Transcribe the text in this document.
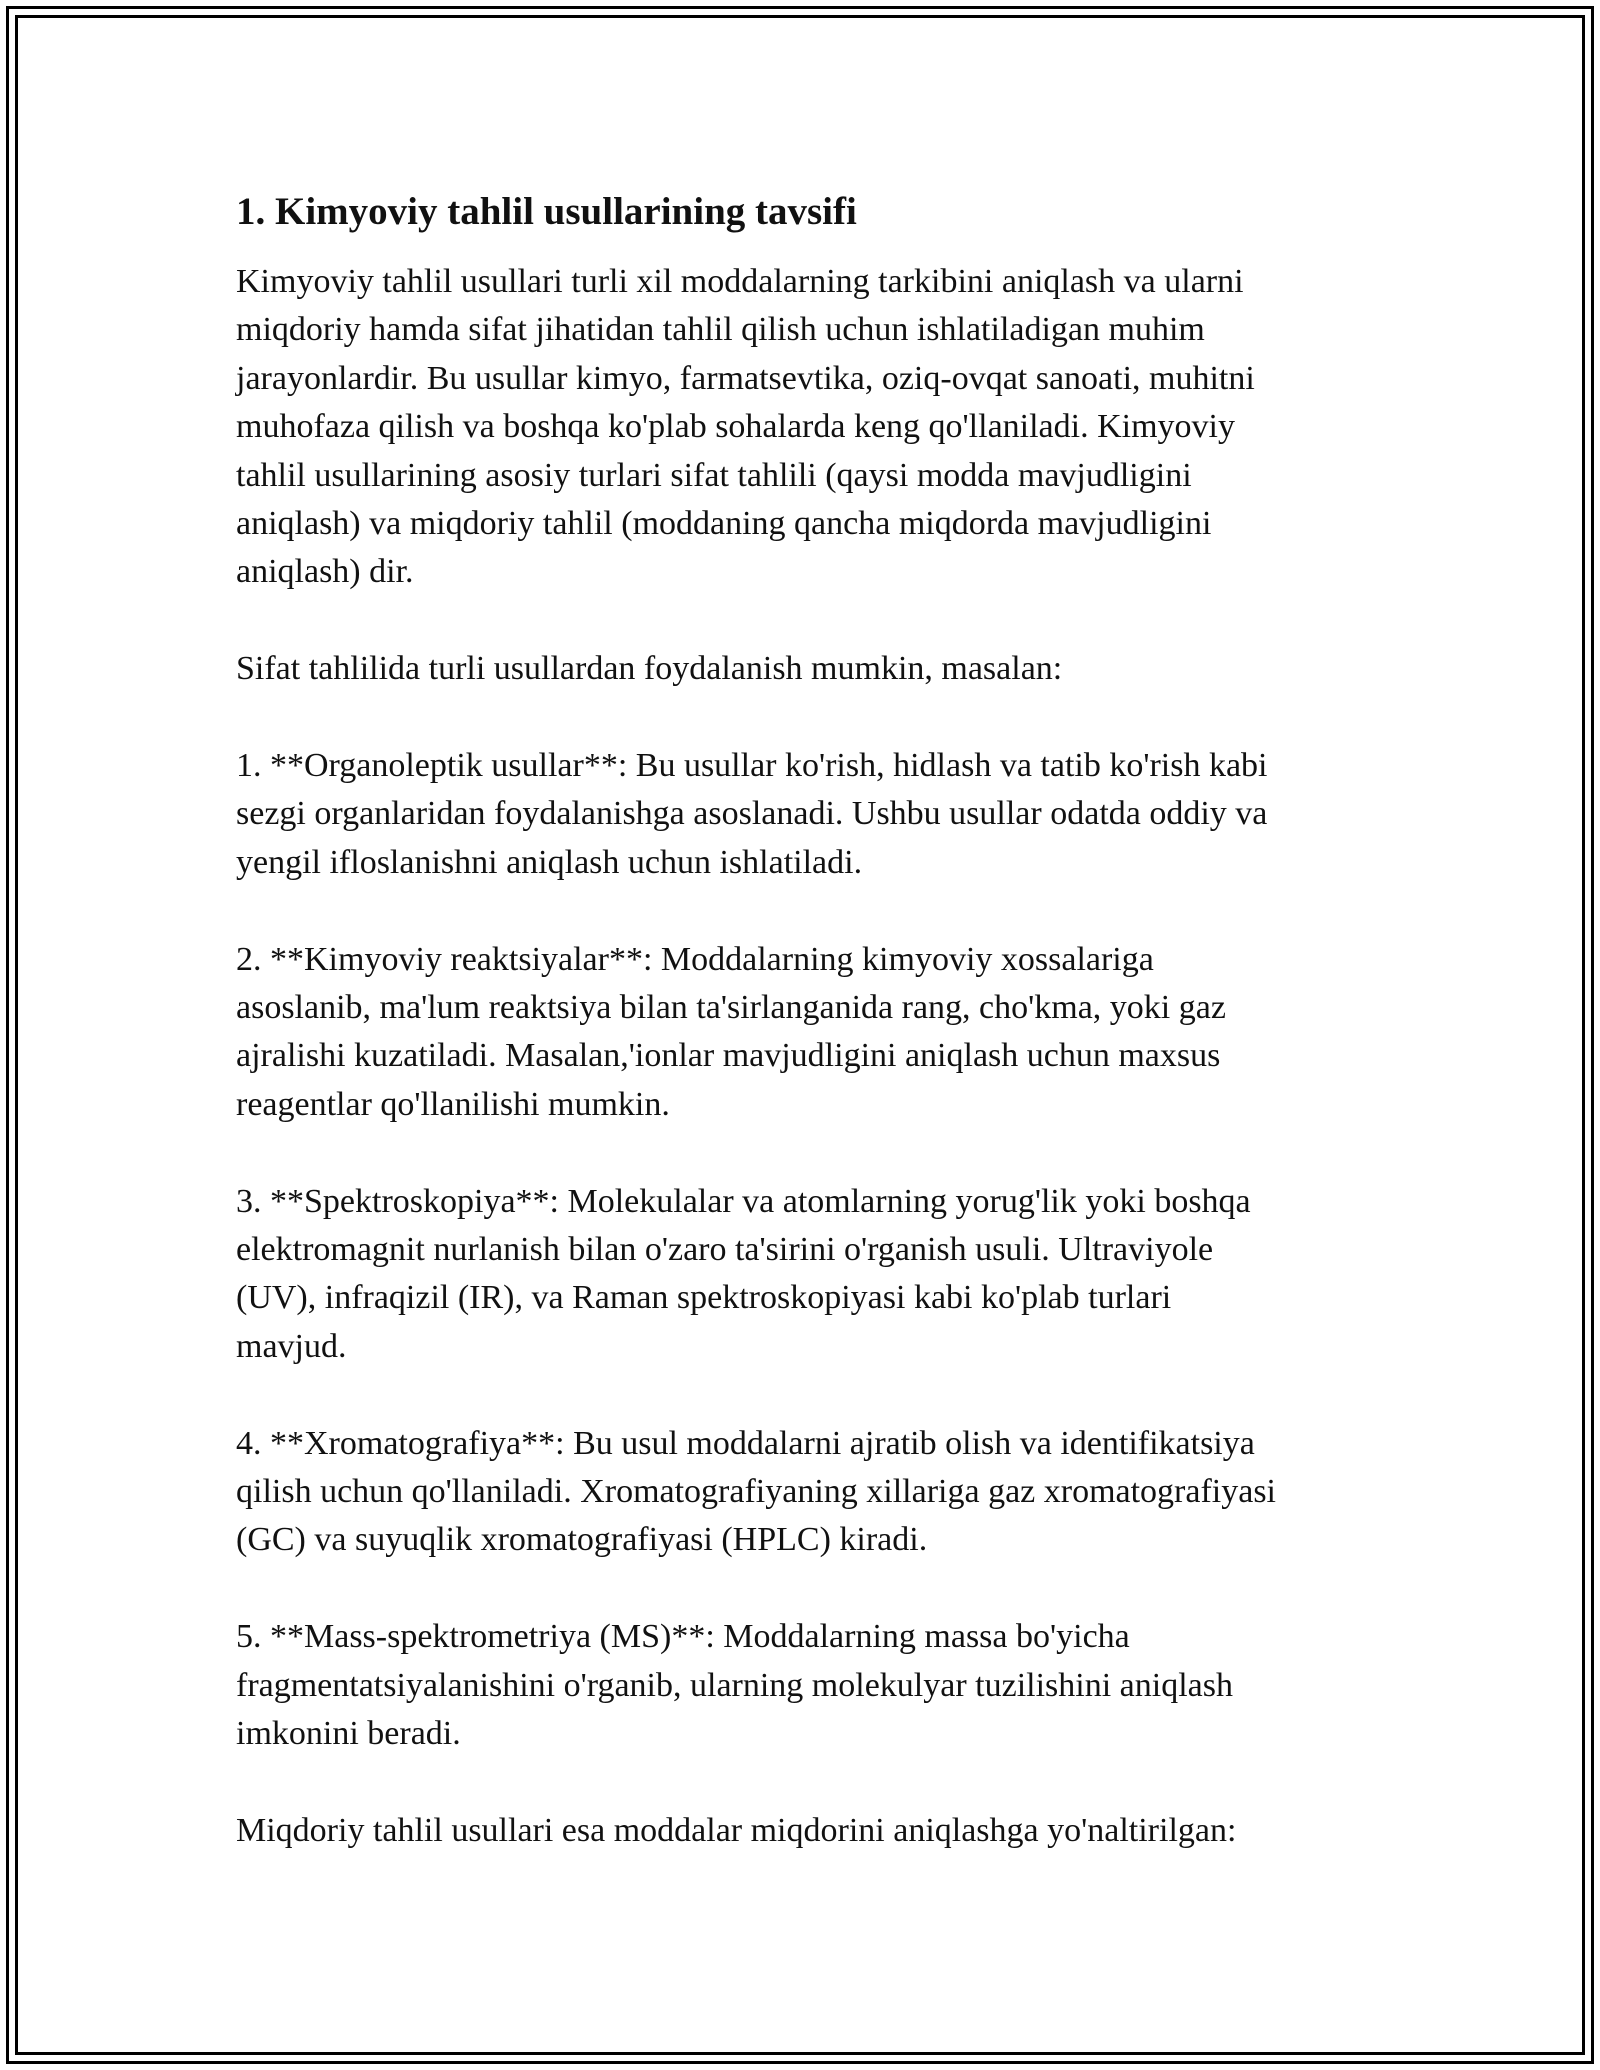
1. Kimyoviy tahlil usullarining tavsifi

Kimyoviy tahlil usullari turli xil moddalarning tarkibini aniqlash va ularni
miqdoriy hamda sifat jihatidan tahlil qilish uchun ishlatiladigan muhim
jarayonlardir. Bu usullar kimyo, farmatsevtika, oziq-ovqat sanoati, muhitni
muhofaza qilish va boshqa ko'plab sohalarda keng qo'llaniladi. Kimyoviy
tahlil usullarining asosiy turlari sifat tahlili (qaysi modda mavjudligini
aniqlash) va miqdoriy tahlil (moddaning qancha miqdorda mavjudligini
aniqlash) dir.

Sifat tahlilida turli usullardan foydalanish mumkin, masalan:

1. **Organoleptik usullar**: Bu usullar ko'rish, hidlash va tatib ko'rish kabi
sezgi organlaridan foydalanishga asoslanadi. Ushbu usullar odatda oddiy va
yengil ifloslanishni aniqlash uchun ishlatiladi.

2. **Kimyoviy reaktsiyalar**: Moddalarning kimyoviy xossalariga
asoslanib, ma'lum reaktsiya bilan ta'sirlanganida rang, cho'kma, yoki gaz
ajralishi kuzatiladi. Masalan,'ionlar mavjudligini aniqlash uchun maxsus
reagentlar qo'llanilishi mumkin.

3. **Spektroskopiya**: Molekulalar va atomlarning yorug'lik yoki boshqa
elektromagnit nurlanish bilan o'zaro ta'sirini o'rganish usuli. Ultraviyole
(UV), infraqizil (IR), va Raman spektroskopiyasi kabi ko'plab turlari
mavjud.

4. **Xromatografiya**: Bu usul moddalarni ajratib olish va identifikatsiya
qilish uchun qo'llaniladi. Xromatografiyaning xillariga gaz xromatografiyasi
(GC) va suyuqlik xromatografiyasi (HPLC) kiradi.

5. **Mass-spektrometriya (MS)**: Moddalarning massa bo'yicha
fragmentatsiyalanishini o'rganib, ularning molekulyar tuzilishini aniqlash
imkonini beradi.

Miqdoriy tahlil usullari esa moddalar miqdorini aniqlashga yo'naltirilgan:
